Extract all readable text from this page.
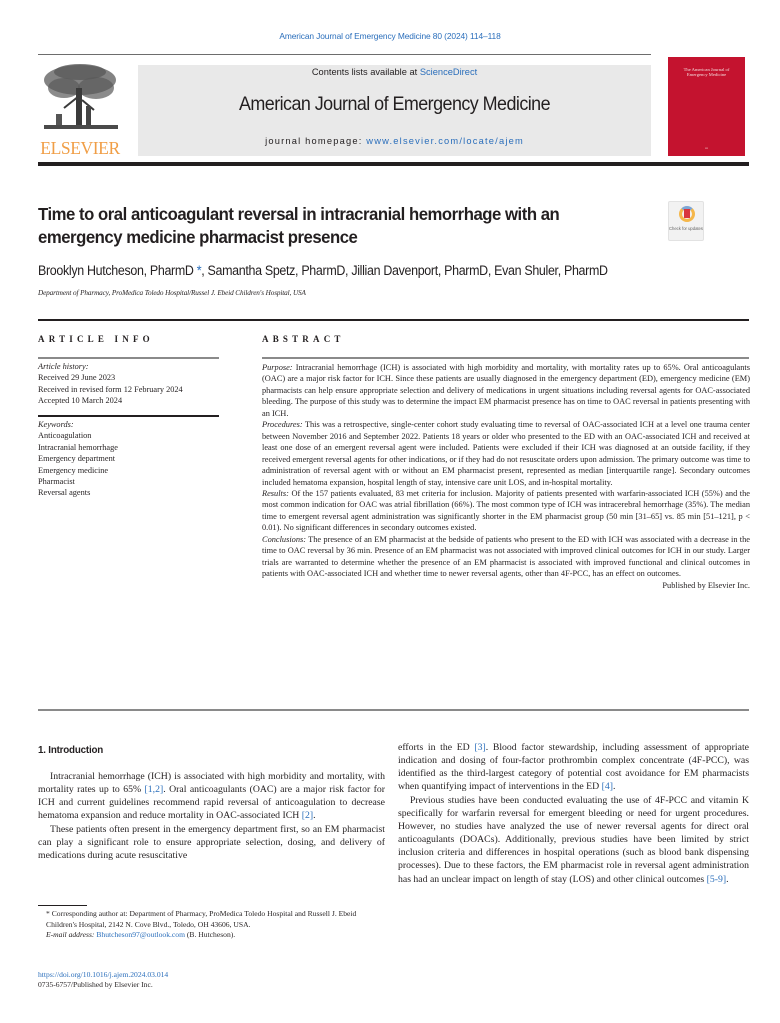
American Journal of Emergency Medicine 80 (2024) 114–118
ELSEVIER
Contents lists available at ScienceDirect
American Journal of Emergency Medicine
journal homepage: www.elsevier.com/locate/ajem
The American Journal of Emergency Medicine
▪▪▪
Time to oral anticoagulant reversal in intracranial hemorrhage with an emergency medicine pharmacist presence	Check for updates
Brooklyn Hutcheson, PharmD *, Samantha Spetz, PharmD, Jillian Davenport, PharmD, Evan Shuler, PharmD
Department of Pharmacy, ProMedica Toledo Hospital/Russel J. Ebeid Children's Hospital, USA
ARTICLE INFO	ABSTRACT
Article history:
Received 29 June 2023
Received in revised form 12 February 2024
Accepted 10 March 2024
Keywords:
Anticoagulation
Intracranial hemorrhage
Emergency department
Emergency medicine
Pharmacist
Reversal agents

Purpose: Intracranial hemorrhage (ICH) is associated with high morbidity and mortality, with mortality rates up to 65%. Oral anticoagulants (OAC) are a major risk factor for ICH. Since these patients are usually diagnosed in the emergency department (ED), emergency medicine (EM) pharmacists can help ensure appropriate selection and delivery of medications in urgent situations including reversal agents for OAC-associated bleeding. The purpose of this study was to determine the impact EM pharmacist presence has on time to OAC reversal in patients presenting with an ICH.

Procedures: This was a retrospective, single-center cohort study evaluating time to reversal of OAC-associated ICH at a level one trauma center between November 2016 and September 2022. Patients 18 years or older who presented to the ED with an OAC-associated ICH and received at least one dose of an emergent reversal agent were included. Patients were excluded if their ICH was diagnosed at an outside facility, if they received emergent reversal agents for other indications, or if they had do not resuscitate orders upon admission. The primary outcome was time to administration of reversal agent with or without an EM pharmacist present, represented as median [interquartile range]. Secondary outcomes included hematoma expansion, hospital length of stay, intensive care unit LOS, and in-hospital mortality.

Results: Of the 157 patients evaluated, 83 met criteria for inclusion. Majority of patients presented with warfarin-associated ICH (55%) and the most common indication for OAC was atrial fibrillation (66%). The most common type of ICH was intracerebral hemorrhage (35%). The median time to emergent reversal agent administration was significantly shorter in the EM pharmacist group (50 min [31–65] vs. 85 min [51–121], p < 0.01). No significant differences in secondary outcomes existed.

Conclusions: The presence of an EM pharmacist at the bedside of patients who present to the ED with ICH was associated with a decrease in the time to OAC reversal by 36 min. Presence of an EM pharmacist was not associated with improved clinical outcomes for ICH in our study. Larger trials are warranted to determine whether the presence of an EM pharmacist is associated with improved functional and clinical outcomes in patients with OAC-associated ICH and whether time to newer reversal agents, other than 4F-PCC, has an effect on outcomes.

Published by Elsevier Inc.

1. Introduction

Intracranial hemorrhage (ICH) is associated with high morbidity and mortality, with mortality rates up to 65% [1,2]. Oral anticoagulants (OAC) are a major risk factor for ICH and current guidelines recommend rapid reversal of anticoagulation to decrease hematoma expansion and reduce mortality in OAC-associated ICH [2].

These patients often present in the emergency department first, so an EM pharmacist can play a significant role to ensure appropriate selection, dosing, and delivery of medications during acute resuscitative

efforts in the ED [3]. Blood factor stewardship, including assessment of appropriate indication and dosing of four-factor prothrombin complex concentrate (4F-PCC), was identified as the third-largest category of potential cost avoidance for EM pharmacists when quantifying impact of interventions in the ED [4].

Previous studies have been conducted evaluating the use of 4F-PCC and vitamin K specifically for warfarin reversal for emergent bleeding or need for urgent procedures. However, no studies have analyzed the use of newer reversal agents for direct oral anticoagulants (DOACs). Additionally, previous studies have been limited by strict inclusion criteria and differences in hospital operations (such as blood bank dispensing processes). Due to these factors, the EM pharmacist role in reversal agent administration has had an unclear impact on length of stay (LOS) and other clinical outcomes [5-9].

* Corresponding author at: Department of Pharmacy, ProMedica Toledo Hospital and Russell J. Ebeid Children's Hospital, 2142 N. Cove Blvd., Toledo, OH 43606, USA.
E-mail address: Bhutcheson97@outlook.com (B. Hutcheson).
https://doi.org/10.1016/j.ajem.2024.03.014
0735-6757/Published by Elsevier Inc.
